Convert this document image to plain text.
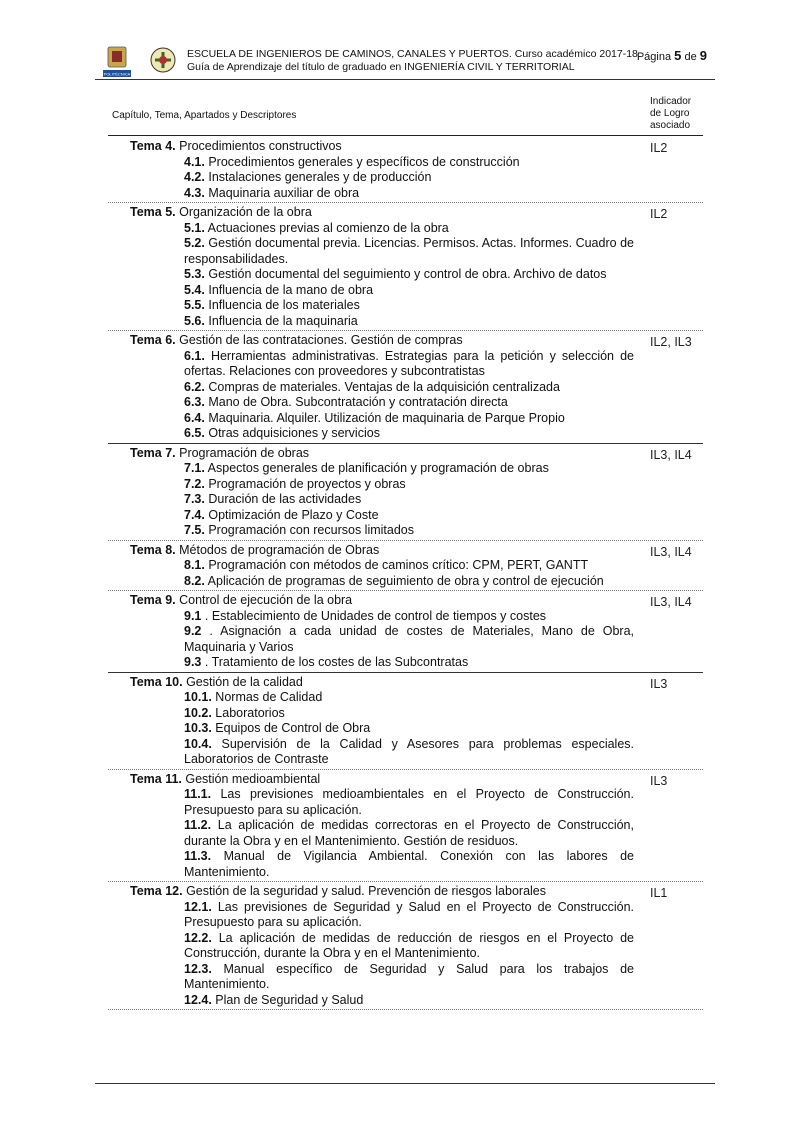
POLITÉCNICA
ESCUELA DE INGENIEROS DE CAMINOS, CANALES Y PUERTOS. Curso académico 2017-18
Guía de Aprendizaje del título de graduado en INGENIERÍA CIVIL Y TERRITORIAL
Página 5 de 9
Capítulo, Tema, Apartados y Descriptores
Indicador
de Logro
asociado
Tema 4. Procedimientos constructivos	IL2
4.1. Procedimientos generales y específicos de construcción
4.2. Instalaciones generales y de producción
4.3. Maquinaria auxiliar de obra
Tema 5. Organización de la obra	IL2
5.1. Actuaciones previas al comienzo de la obra
5.2. Gestión documental previa. Licencias. Permisos. Actas. Informes. Cuadro de responsabilidades.
5.3. Gestión documental del seguimiento y control de obra. Archivo de datos
5.4. Influencia de la mano de obra
5.5. Influencia de los materiales
5.6. Influencia de la maquinaria
Tema 6. Gestión de las contrataciones. Gestión de compras	IL2, IL3
6.1. Herramientas administrativas. Estrategias para la petición y selección de ofertas. Relaciones con proveedores y subcontratistas
6.2. Compras de materiales. Ventajas de la adquisición centralizada
6.3. Mano de Obra. Subcontratación y contratación directa
6.4. Maquinaria. Alquiler. Utilización de maquinaria de Parque Propio
6.5. Otras adquisiciones y servicios
Tema 7. Programación de obras	IL3, IL4
7.1. Aspectos generales de planificación y programación de obras
7.2. Programación de proyectos y obras
7.3. Duración de las actividades
7.4. Optimización de Plazo y Coste
7.5. Programación con recursos limitados
Tema 8. Métodos de programación de Obras	IL3, IL4
8.1. Programación con métodos de caminos crítico: CPM, PERT, GANTT
8.2. Aplicación de programas de seguimiento de obra y control de ejecución
Tema 9. Control de ejecución de la obra	IL3, IL4
9.1 . Establecimiento de Unidades de control de tiempos y costes
9.2 . Asignación a cada unidad de costes de Materiales, Mano de Obra, Maquinaria y Varios
9.3 . Tratamiento de los costes de las Subcontratas
Tema 10. Gestión de la calidad	IL3
10.1. Normas de Calidad
10.2. Laboratorios
10.3. Equipos de Control de Obra
10.4. Supervisión de la Calidad y Asesores para problemas especiales. Laboratorios de Contraste
Tema 11. Gestión medioambiental	IL3
11.1. Las previsiones medioambientales en el Proyecto de Construcción. Presupuesto para su aplicación.
11.2. La aplicación de medidas correctoras en el Proyecto de Construcción, durante la Obra y en el Mantenimiento. Gestión de residuos.
11.3. Manual de Vigilancia Ambiental. Conexión con las labores de Mantenimiento.
Tema 12. Gestión de la seguridad y salud. Prevención de riesgos laborales	IL1
12.1. Las previsiones de Seguridad y Salud en el Proyecto de Construcción. Presupuesto para su aplicación.
12.2. La aplicación de medidas de reducción de riesgos en el Proyecto de Construcción, durante la Obra y en el Mantenimiento.
12.3. Manual específico de Seguridad y Salud para los trabajos de Mantenimiento.
12.4. Plan de Seguridad y Salud
